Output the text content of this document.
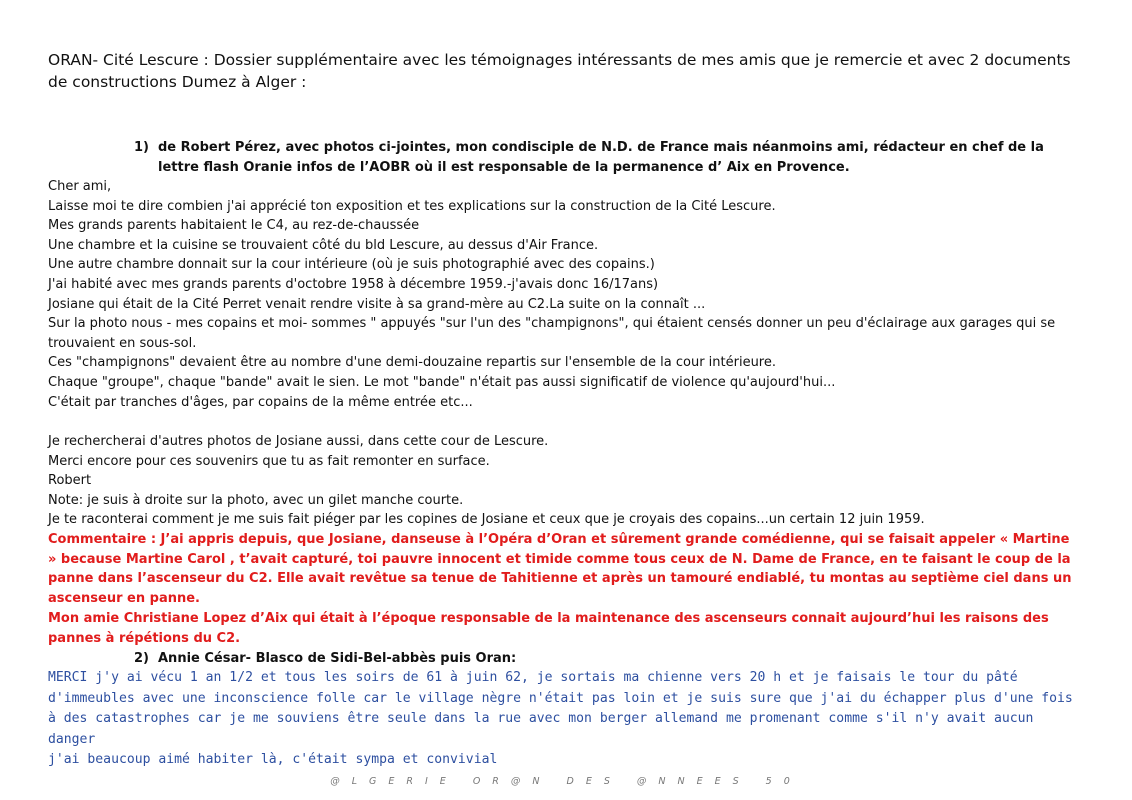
ORAN- Cité Lescure : Dossier supplémentaire avec les témoignages intéressants de mes amis que je remercie et avec 2 documents de constructions Dumez à Alger :
1) de Robert Pérez, avec photos ci-jointes, mon condisciple de N.D. de France mais néanmoins ami, rédacteur en chef de la lettre flash Oranie infos de l’AOBR où il est responsable de la permanence d’ Aix en Provence.
Cher ami,
Laisse moi te dire combien j'ai apprécié ton exposition et tes explications sur la construction de la Cité Lescure.
Mes grands parents habitaient le C4, au rez-de-chaussée
Une chambre et la cuisine se trouvaient côté du bld Lescure, au dessus d'Air France.
Une autre chambre donnait sur la cour intérieure (où je suis photographié avec des copains.)
J'ai habité avec mes grands parents d'octobre 1958 à décembre 1959.-j'avais donc 16/17ans)
Josiane qui était de la Cité Perret venait rendre visite à sa grand-mère au C2.La suite on la connaît ...
Sur la photo nous - mes copains et moi- sommes " appuyés "sur l'un des "champignons", qui étaient censés donner un peu d'éclairage aux garages qui se trouvaient en sous-sol.
Ces "champignons" devaient être au nombre d'une demi-douzaine repartis sur l'ensemble de la cour intérieure.
Chaque "groupe", chaque "bande" avait le sien. Le mot "bande" n'était pas aussi significatif de violence qu'aujourd'hui...
C'était par tranches d'âges, par copains de la même entrée etc...
Je rechercherai d'autres photos de Josiane aussi, dans cette cour de Lescure.
Merci encore pour ces souvenirs que tu as fait remonter en surface.
Robert
Note: je suis à droite sur la photo, avec un gilet manche courte.
Je te raconterai comment je me suis fait piéger par les copines de Josiane et ceux que je croyais des copains...un certain 12 juin 1959.

Commentaire : J’ai appris depuis, que Josiane, danseuse à l’Opéra d’Oran et sûrement grande comédienne, qui se faisait appeler « Martine » because Martine Carol , t’avait capturé, toi pauvre innocent et timide comme tous ceux de N. Dame de France, en te faisant le coup de la panne dans l’ascenseur du C2. Elle avait revêtue sa tenue de Tahitienne et après un tamouré endiablé, tu montas au septième ciel dans un ascenseur en panne.

Mon amie Christiane Lopez d’Aix qui était à l’époque responsable de la maintenance des ascenseurs connait aujourd’hui les raisons des pannes à répétions du C2.

2) Annie César- Blasco de Sidi-Bel-abbès puis Oran:

MERCI j'y ai vécu 1 an 1/2 et tous les soirs de 61 à juin 62, je sortais ma chienne vers 20 h et je faisais le tour du pâté d'immeubles avec une inconscience folle car le village nègre n'était pas loin et je suis sure que j'ai du échapper plus d'une fois à des catastrophes car je me souviens être seule dans la rue avec mon berger allemand me promenant comme s'il n'y avait aucun danger

j'ai beaucoup aimé habiter là, c'était sympa et convivial

@LGERIE OR@N DES @NNEES 50
